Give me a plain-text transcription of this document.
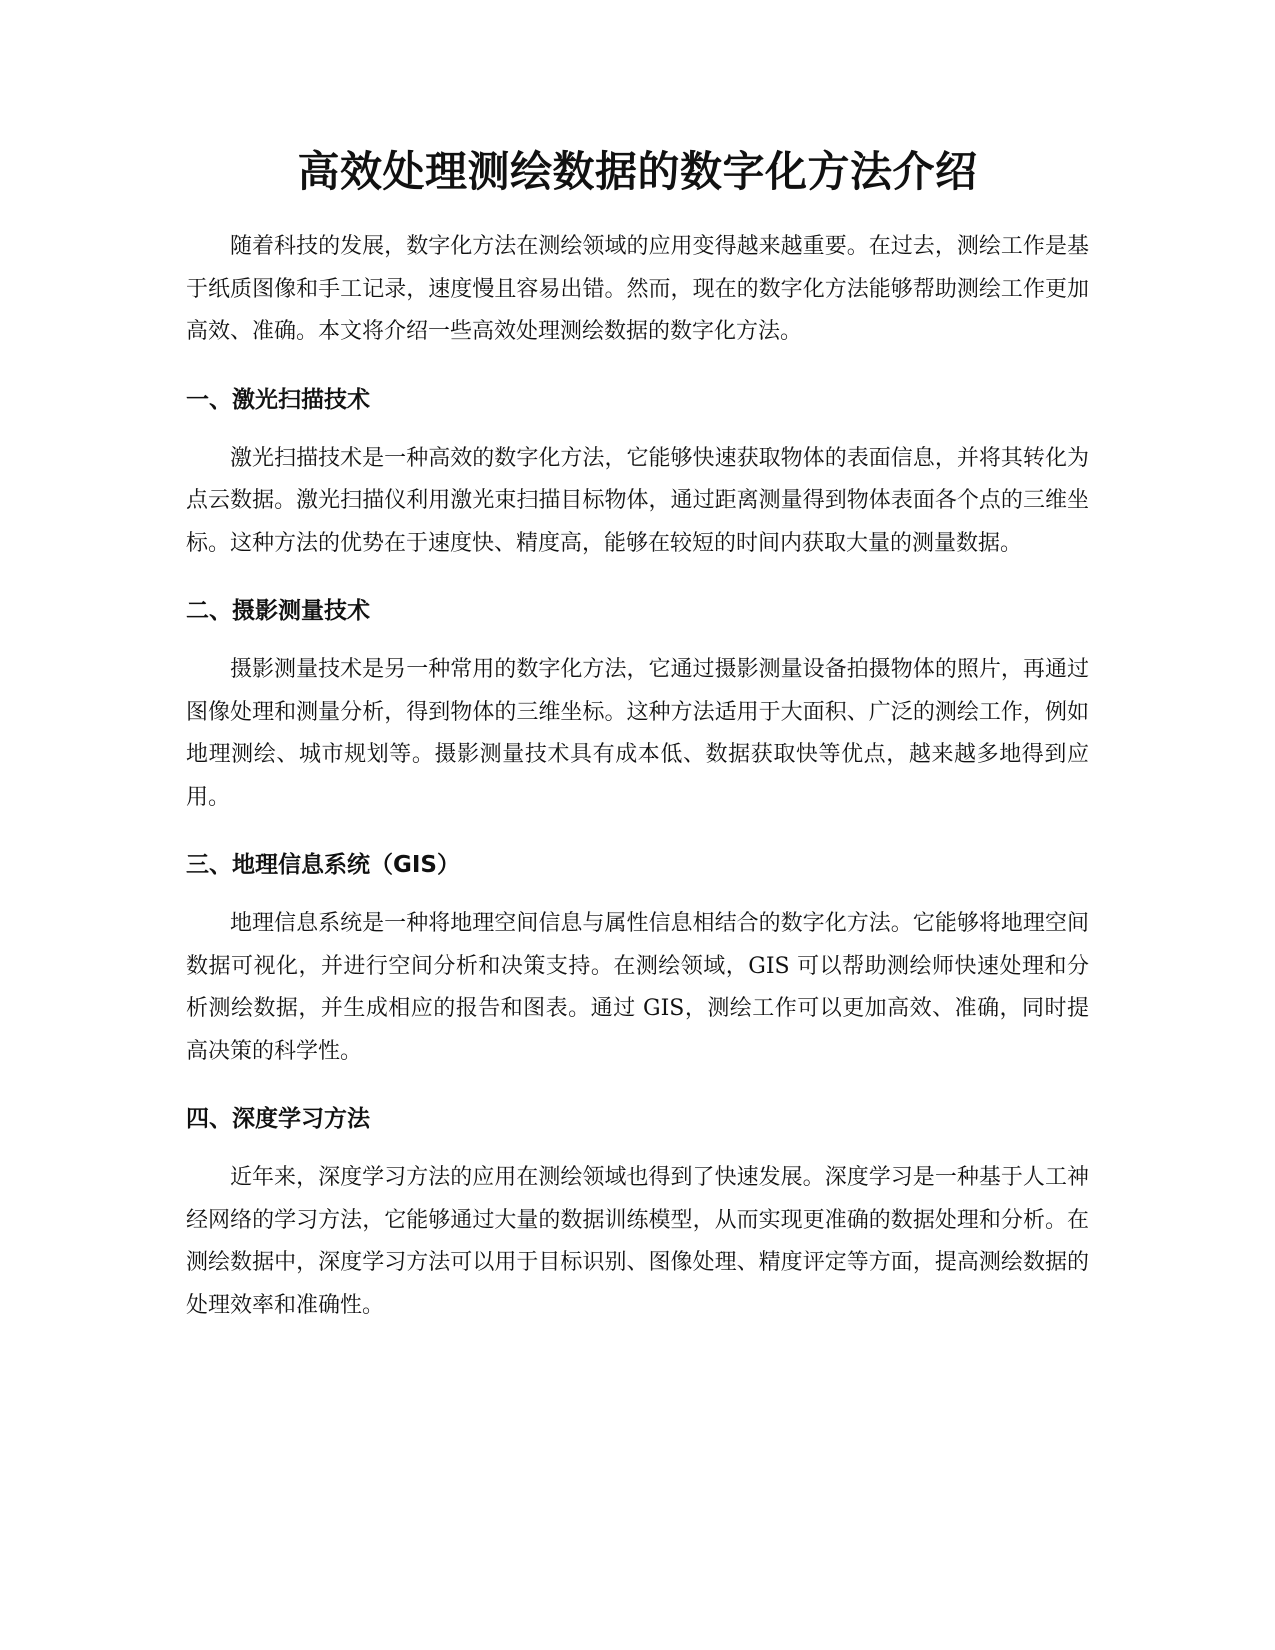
高效处理测绘数据的数字化方法介绍

随着科技的发展，数字化方法在测绘领域的应用变得越来越重要。在过去，测绘工作是基于纸质图像和手工记录，速度慢且容易出错。然而，现在的数字化方法能够帮助测绘工作更加高效、准确。本文将介绍一些高效处理测绘数据的数字化方法。

一、激光扫描技术

激光扫描技术是一种高效的数字化方法，它能够快速获取物体的表面信息，并将其转化为点云数据。激光扫描仪利用激光束扫描目标物体，通过距离测量得到物体表面各个点的三维坐标。这种方法的优势在于速度快、精度高，能够在较短的时间内获取大量的测量数据。

二、摄影测量技术

摄影测量技术是另一种常用的数字化方法，它通过摄影测量设备拍摄物体的照片，再通过图像处理和测量分析，得到物体的三维坐标。这种方法适用于大面积、广泛的测绘工作，例如地理测绘、城市规划等。摄影测量技术具有成本低、数据获取快等优点，越来越多地得到应用。

三、地理信息系统（GIS）

地理信息系统是一种将地理空间信息与属性信息相结合的数字化方法。它能够将地理空间数据可视化，并进行空间分析和决策支持。在测绘领域，GIS 可以帮助测绘师快速处理和分析测绘数据，并生成相应的报告和图表。通过 GIS，测绘工作可以更加高效、准确，同时提高决策的科学性。

四、深度学习方法

近年来，深度学习方法的应用在测绘领域也得到了快速发展。深度学习是一种基于人工神经网络的学习方法，它能够通过大量的数据训练模型，从而实现更准确的数据处理和分析。在测绘数据中，深度学习方法可以用于目标识别、图像处理、精度评定等方面，提高测绘数据的处理效率和准确性。
